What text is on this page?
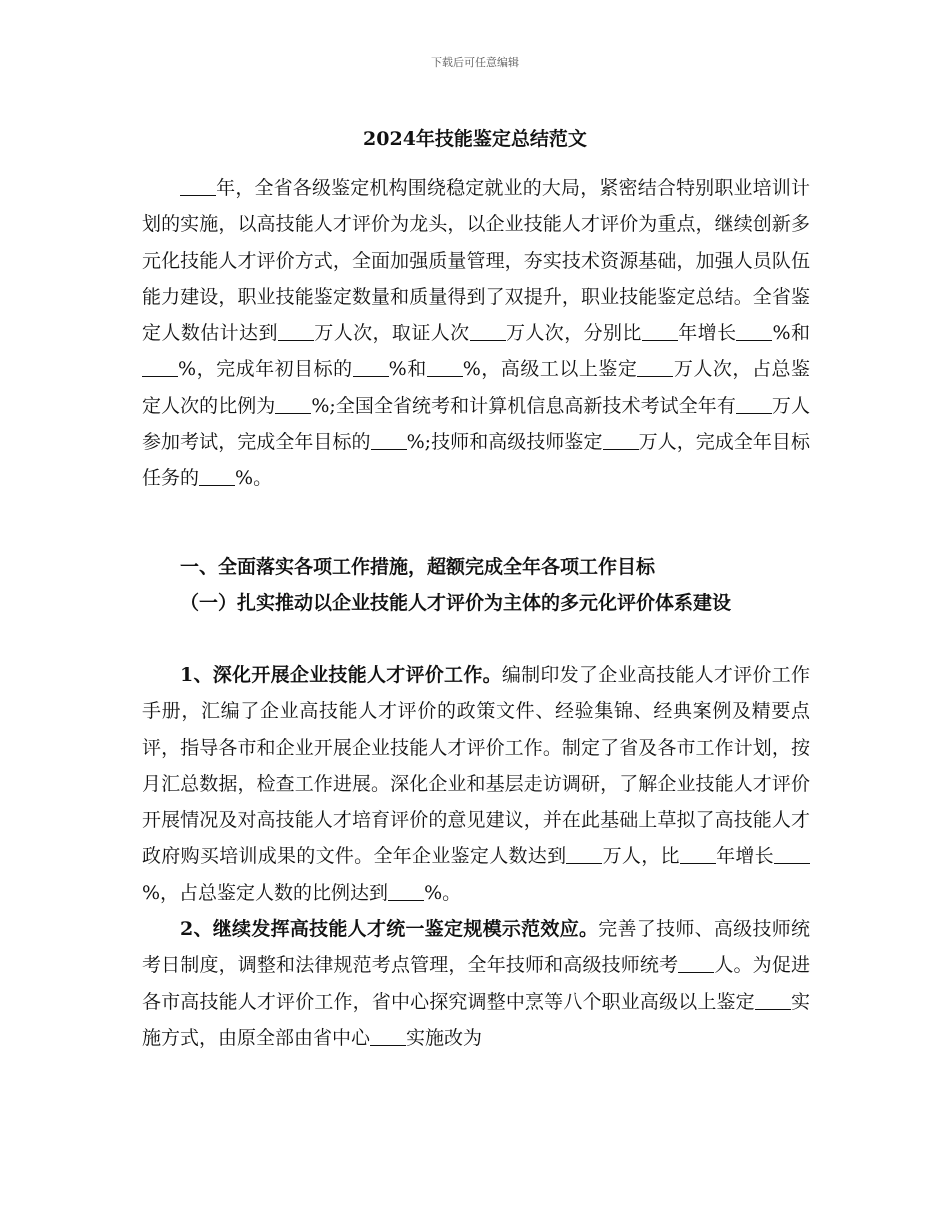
下载后可任意编辑
2024年技能鉴定总结范文

年，全省各级鉴定机构围绕稳定就业的大局，紧密结合特别职业培训计划的实施，以高技能人才评价为龙头，以企业技能人才评价为重点，继续创新多元化技能人才评价方式，全面加强质量管理，夯实技术资源基础，加强人员队伍能力建设，职业技能鉴定数量和质量得到了双提升，职业技能鉴定总结。全省鉴定人数估计达到 万人次，取证人次 万人次，分别比 年增长 %和%，完成年初目标的 %和 %，高级工以上鉴定 万人次，占总鉴定人次的比例为 %;全国全省统考和计算机信息高新技术考试全年有 万人参加考试，完成全年目标的 %;技师和高级技师鉴定 万人，完成全年目标任务的 %。

一、全面落实各项工作措施，超额完成全年各项工作目标

（一）扎实推动以企业技能人才评价为主体的多元化评价体系建设

1、深化开展企业技能人才评价工作。编制印发了企业高技能人才评价工作手册，汇编了企业高技能人才评价的政策文件、经验集锦、经典案例及精要点评，指导各市和企业开展企业技能人才评价工作。制定了省及各市工作计划，按月汇总数据，检查工作进展。深化企业和基层走访调研，了解企业技能人才评价开展情况及对高技能人才培育评价的意见建议，并在此基础上草拟了高技能人才政府购买培训成果的文件。全年企业鉴定人数达到 万人，比 年增长%，占总鉴定人数的比例达到 %。

2、继续发挥高技能人才统一鉴定规模示范效应。完善了技师、高级技师统考日制度，调整和法律规范考点管理，全年技师和高级技师统考 人。为促进各市高技能人才评价工作，省中心探究调整中烹等八个职业高级以上鉴定 实施方式，由原全部由省中心 实施改为
